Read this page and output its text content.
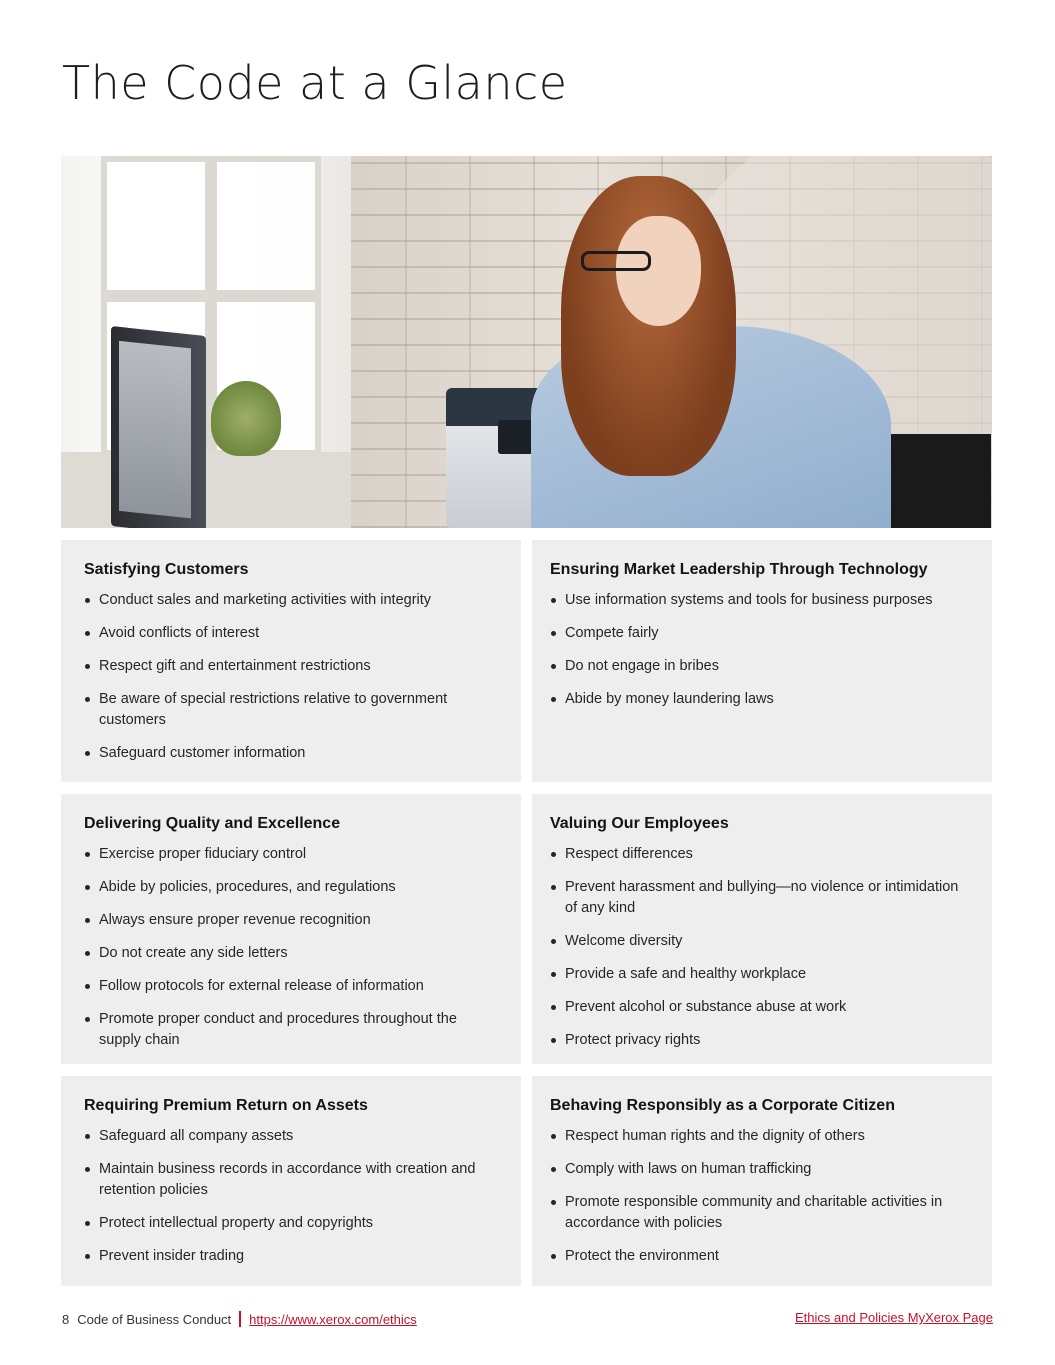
The Code at a Glance
Satisfying Customers
Conduct sales and marketing activities with integrity
Avoid conflicts of interest
Respect gift and entertainment restrictions
Be aware of special restrictions relative to government customers
Safeguard customer information
Ensuring Market Leadership Through Technology
Use information systems and tools for business purposes
Compete fairly
Do not engage in bribes
Abide by money laundering laws
Delivering Quality and Excellence
Exercise proper fiduciary control
Abide by policies, procedures, and regulations
Always ensure proper revenue recognition
Do not create any side letters
Follow protocols for external release of information
Promote proper conduct and procedures throughout the supply chain
Valuing Our Employees
Respect differences
Prevent harassment and bullying—no violence or intimidation of any kind
Welcome diversity
Provide a safe and healthy workplace
Prevent alcohol or substance abuse at work
Protect privacy rights
Requiring Premium Return on Assets
Safeguard all company assets
Maintain business records in accordance with creation and retention policies
Protect intellectual property and copyrights
Prevent insider trading
Behaving Responsibly as a Corporate Citizen
Respect human rights and the dignity of others
Comply with laws on human trafficking
Promote responsible community and charitable activities in accordance with policies
Protect the environment
8 Code of Business Conduct https://www.xerox.com/ethics	Ethics and Policies MyXerox Page
